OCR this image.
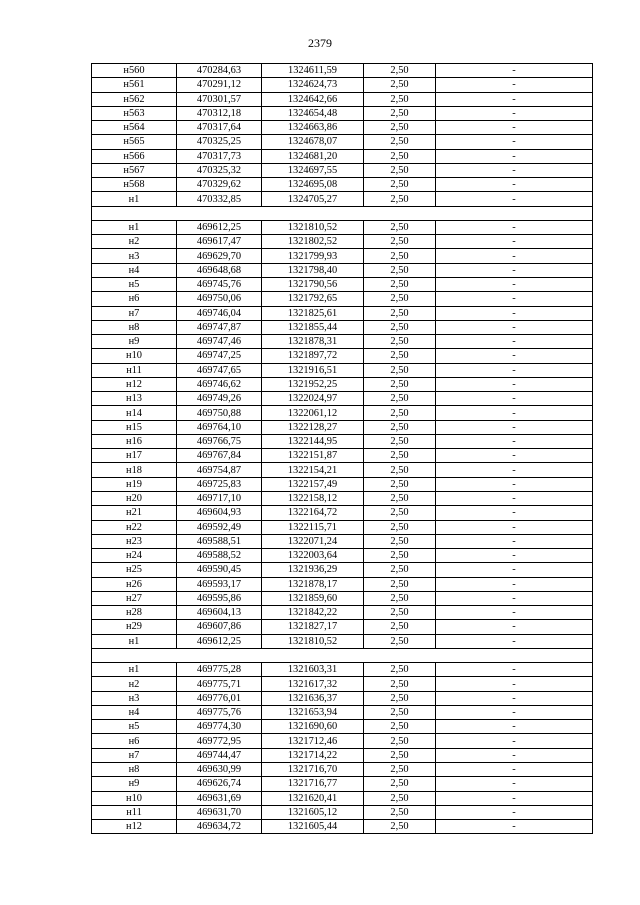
2379
н560	470284,63	1324611,59	2,50	-
н561	470291,12	1324624,73	2,50	-
н562	470301,57	1324642,66	2,50	-
н563	470312,18	1324654,48	2,50	-
н564	470317,64	1324663,86	2,50	-
н565	470325,25	1324678,07	2,50	-
н566	470317,73	1324681,20	2,50	-
н567	470325,32	1324697,55	2,50	-
н568	470329,62	1324695,08	2,50	-
н1	470332,85	1324705,27	2,50	-

н1	469612,25	1321810,52	2,50	-
н2	469617,47	1321802,52	2,50	-
н3	469629,70	1321799,93	2,50	-
н4	469648,68	1321798,40	2,50	-
н5	469745,76	1321790,56	2,50	-
н6	469750,06	1321792,65	2,50	-
н7	469746,04	1321825,61	2,50	-
н8	469747,87	1321855,44	2,50	-
н9	469747,46	1321878,31	2,50	-
н10	469747,25	1321897,72	2,50	-
н11	469747,65	1321916,51	2,50	-
н12	469746,62	1321952,25	2,50	-
н13	469749,26	1322024,97	2,50	-
н14	469750,88	1322061,12	2,50	-
н15	469764,10	1322128,27	2,50	-
н16	469766,75	1322144,95	2,50	-
н17	469767,84	1322151,87	2,50	-
н18	469754,87	1322154,21	2,50	-
н19	469725,83	1322157,49	2,50	-
н20	469717,10	1322158,12	2,50	-
н21	469604,93	1322164,72	2,50	-
н22	469592,49	1322115,71	2,50	-
н23	469588,51	1322071,24	2,50	-
н24	469588,52	1322003,64	2,50	-
н25	469590,45	1321936,29	2,50	-
н26	469593,17	1321878,17	2,50	-
н27	469595,86	1321859,60	2,50	-
н28	469604,13	1321842,22	2,50	-
н29	469607,86	1321827,17	2,50	-
н1	469612,25	1321810,52	2,50	-

н1	469775,28	1321603,31	2,50	-
н2	469775,71	1321617,32	2,50	-
н3	469776,01	1321636,37	2,50	-
н4	469775,76	1321653,94	2,50	-
н5	469774,30	1321690,60	2,50	-
н6	469772,95	1321712,46	2,50	-
н7	469744,47	1321714,22	2,50	-
н8	469630,99	1321716,70	2,50	-
н9	469626,74	1321716,77	2,50	-
н10	469631,69	1321620,41	2,50	-
н11	469631,70	1321605,12	2,50	-
н12	469634,72	1321605,44	2,50	-
